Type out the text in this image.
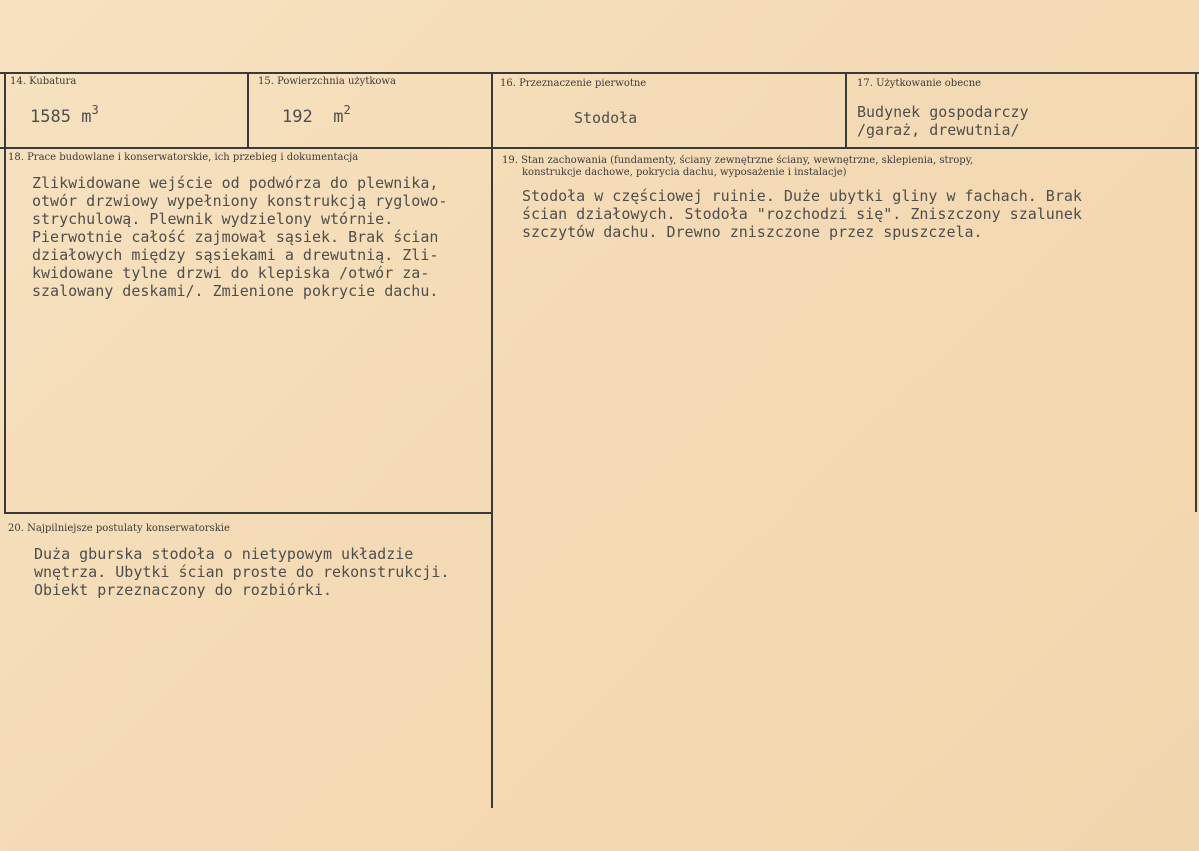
14. Kubatura
1585 $m^3$
15. Powierzchnia użytkowa
192 $m^2$
16. Przeznaczenie pierwotne
Stodoła
17. Użytkowanie obecne
Budynek gospodarczy
/garaż, drewutnia/
18. Prace budowlane i konserwatorskie, ich przebieg i dokumentacja
Zlikwidowane wejście od podwórza do plewnika,
otwór drzwiowy wypełniony konstrukcją ryglowo-
strychulową. Plewnik wydzielony wtórnie.
Pierwotnie całość zajmował sąsiek. Brak ścian
działowych między sąsiekami a drewutnią. Zli-
kwidowane tylne drzwi do klepiska /otwór za-
szalowany deskami/. Zmienione pokrycie dachu.
19. Stan zachowania (fundamenty, ściany zewnętrzne ściany, wewnętrzne, sklepienia, stropy,
konstrukcje dachowe, pokrycia dachu, wyposażenie i instalacje)
Stodoła w częściowej ruinie. Duże ubytki gliny w fachach. Brak
ścian działowych. Stodoła "rozchodzi się". Zniszczony szalunek
szczytów dachu. Drewno zniszczone przez spuszczela.
20. Najpilniejsze postulaty konserwatorskie
Duża gburska stodoła o nietypowym układzie
wnętrza. Ubytki ścian proste do rekonstrukcji.
Obiekt przeznaczony do rozbiórki.
